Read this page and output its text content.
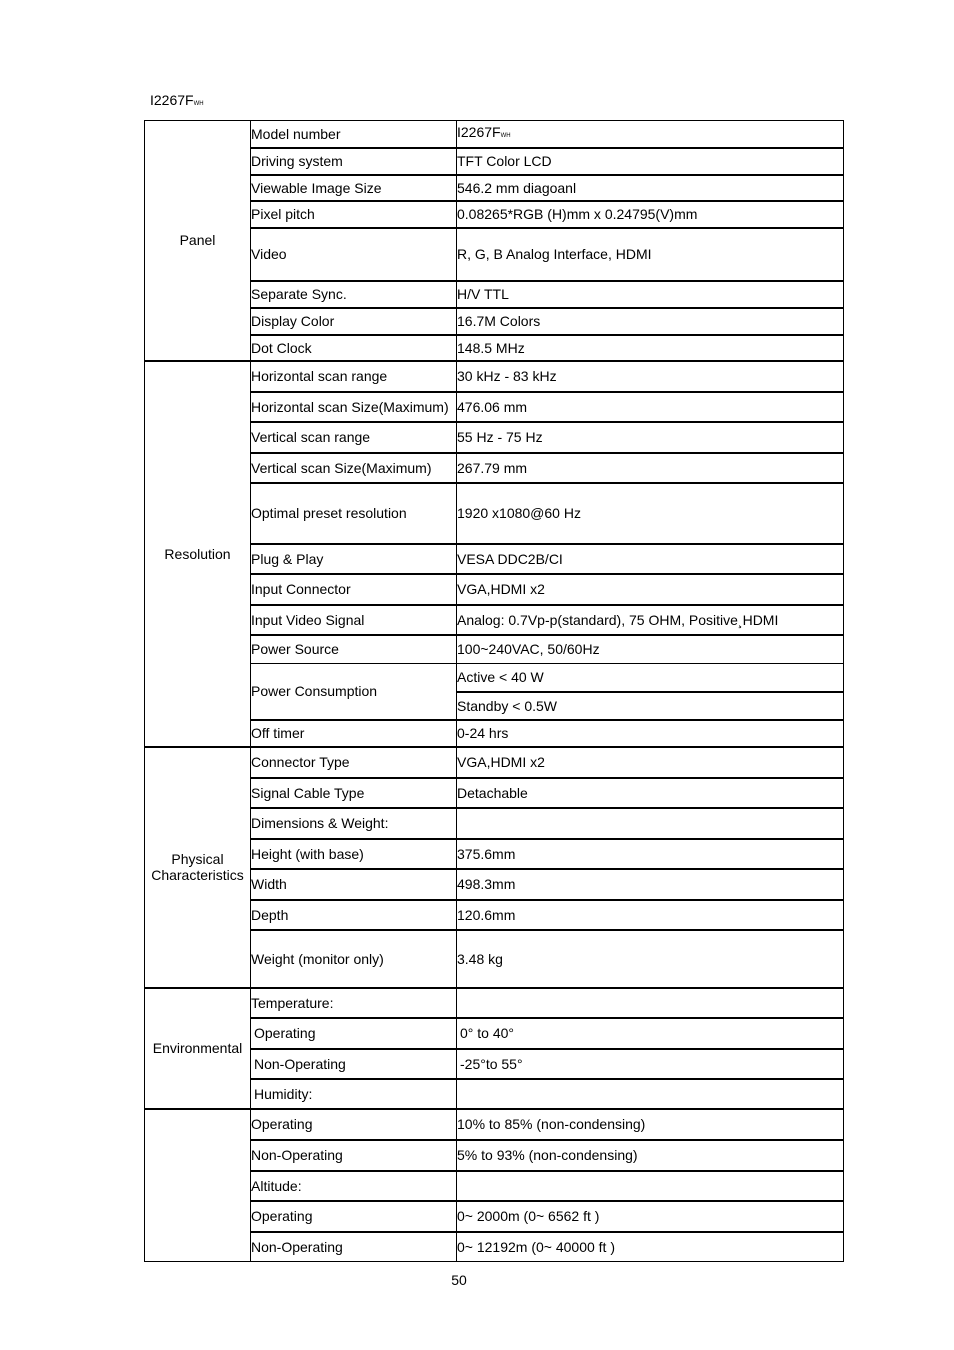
I2267FWH
Panel	Model number	I2267FWH
	Driving system	TFT Color LCD
	Viewable Image Size	546.2 mm diagoanl
	Pixel pitch	0.08265*RGB (H)mm x 0.24795(V)mm
	Video	R, G, B Analog Interface, HDMI
	Separate Sync.	H/V TTL
	Display Color	16.7M Colors
	Dot Clock	148.5 MHz
Resolution	Horizontal scan range	30 kHz - 83 kHz
	Horizontal scan Size(Maximum)	476.06 mm
	Vertical scan range	55 Hz - 75 Hz
	Vertical scan Size(Maximum)	267.79 mm
	Optimal preset resolution	1920 x1080@60 Hz
	Plug & Play	VESA DDC2B/CI
	Input Connector	VGA,HDMI x2
	Input Video Signal	Analog: 0.7Vp-p(standard), 75 OHM, Positive¸HDMI
	Power Source	100~240VAC, 50/60Hz
	Power Consumption	Active < 40 W
		Standby < 0.5W
	Off timer	0-24 hrs
Physical Characteristics	Connector Type	VGA,HDMI x2
	Signal Cable Type	Detachable
	Dimensions & Weight:	
	Height (with base)	375.6mm
	Width	498.3mm
	Depth	120.6mm
	Weight (monitor only)	3.48 kg
Environmental	Temperature:	
	Operating	0° to 40°
	Non-Operating	-25°to 55°
	Humidity:	
	Operating	10% to 85% (non-condensing)
	Non-Operating	5% to 93% (non-condensing)
	Altitude:	
	Operating	0~ 2000m (0~ 6562 ft )
	Non-Operating	0~ 12192m (0~ 40000 ft )
50
